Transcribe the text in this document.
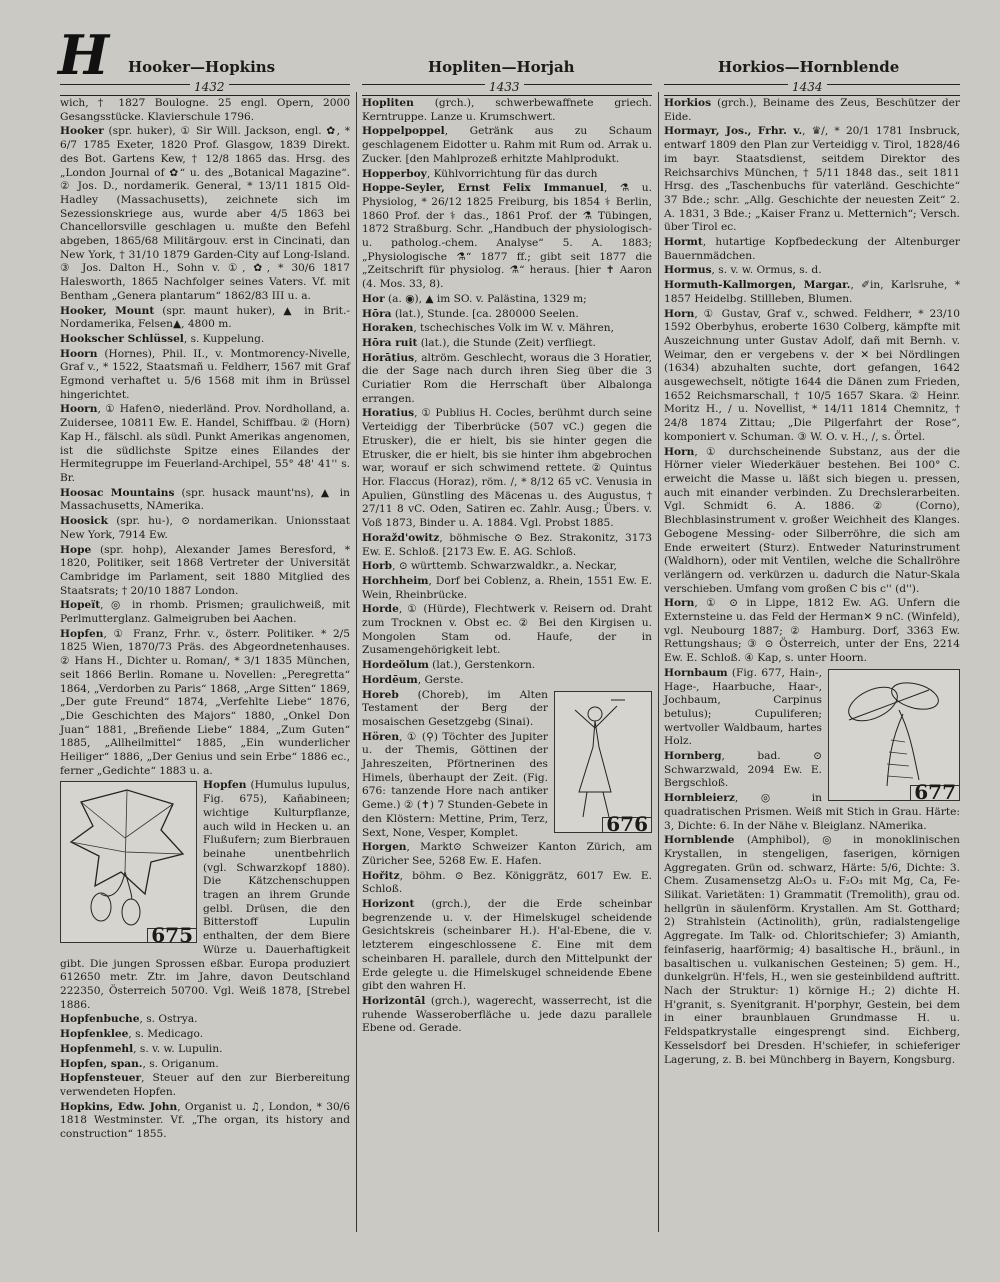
H Hooker—Hopkins	Hopliten—Horjah	Horkios—Hornblende
1432	1433	1434
wich, † 1827 Boulogne. 25 engl. Opern, 2000 Gesangsstücke. Klavierschule 1796.
Hooker (spr. huker), ① Sir Will. Jackson, engl. ✿, * 6/7 1785 Exeter, 1820 Prof. Glasgow, 1839 Direkt. des Bot. Gartens Kew, † 12/8 1865 das. Hrsg. des „London Journal of ✿“ u. des „Botanical Magazine“. ② Jos. D., nordamerik. General, * 13/11 1815 Old-Hadley (Massachusetts), zeichnete sich im Sezessionskriege aus, wurde aber 4/5 1863 bei Chancellorsville geschlagen u. mußte den Befehl abgeben, 1865/68 Militärgouv. erst in Cincinati, dan New York, † 31/10 1879 Garden-City auf Long-Island. ③ Jos. Dalton H., Sohn v. ①, ✿, * 30/6 1817 Halesworth, 1865 Nachfolger seines Vaters. Vf. mit Bentham „Genera plantarum“ 1862/83 III u. a.
Hooker, Mount (spr. maunt huker), ▲ in Brit.-Nordamerika, Felsen▲, 4800 m.
Hookscher Schlüssel, s. Kuppelung.
Hoorn (Hornes), Phil. II., v. Montmorency-Nivelle, Graf v., * 1522, Staatsmañ u. Feldherr, 1567 mit Graf Egmond verhaftet u. 5/6 1568 mit ihm in Brüssel hingerichtet.
Hoorn, ① Hafen⊙, niederländ. Prov. Nordholland, a. Zuidersee, 10811 Ew. E. Handel, Schiffbau. ② (Horn) Kap H., fälschl. als südl. Punkt Amerikas angenomen, ist die südlichste Spitze eines Eilandes der Hermitegruppe im Feuerland-Archipel, 55° 48' 41'' s. Br.
Hoosac Mountains (spr. husack maunt'ns), ▲ in Massachusetts, NAmerika.
Hoosick (spr. hu-), ⊙ nordamerikan. Unionsstaat New York, 7914 Ew.
Hope (spr. hohp), Alexander James Beresford, * 1820, Politiker, seit 1868 Vertreter der Universität Cambridge im Parlament, seit 1880 Mitglied des Staatsrats; † 20/10 1887 London.
Hopeït, ◎ in rhomb. Prismen; graulichweiß, mit Perlmutterglanz. Galmeigruben bei Aachen.
Hopfen, ① Franz, Frhr. v., österr. Politiker. * 2/5 1825 Wien, 1870/73 Präs. des Abgeordnetenhauses. ② Hans H., Dichter u. Roman/, * 3/1 1835 München, seit 1866 Berlin. Romane u. Novellen: „Peregretta“ 1864, „Verdorben zu Paris“ 1868, „Arge Sitten“ 1869, „Der gute Freund“ 1874, „Verfehlte Liebe“ 1876, „Die Geschichten des Majors“ 1880, „Onkel Don Juan“ 1881, „Breñende Liebe“ 1884, „Zum Guten“ 1885, „Allheilmittel“ 1885, „Ein wunderlicher Heiliger“ 1886, „Der Genius und sein Erbe“ 1886 ec., ferner „Gedichte“ 1883 u. a.
675
Hopfen (Humulus lupulus, Fig. 675), Kañabineen; wichtige Kulturpflanze, auch wild in Hecken u. an Flußufern; zum Bierbrauen beinahe unentbehrlich (vgl. Schwarzkopf 1880). Die Kätzchenschuppen tragen an ihrem Grunde gelbl. Drüsen, die den Bitterstoff Lupulin enthalten, der dem Biere Würze u. Dauerhaftigkeit gibt. Die jungen Sprossen eßbar. Europa produziert 612650 metr. Ztr. im Jahre, davon Deutschland 222350, Österreich 50700. Vgl. Weiß 1878, [Strebel 1886.
Hopfenbuche, s. Ostrya.
Hopfenklee, s. Medicago.
Hopfenmehl, s. v. w. Lupulin.
Hopfen, span., s. Origanum.
Hopfensteuer, Steuer auf den zur Bierbereitung verwendeten Hopfen.
Hopkins, Edw. John, Organist u. ♫, London, * 30/6 1818 Westminster. Vf. „The organ, its history and construction“ 1855.
Hopliten (grch.), schwerbewaffnete griech. Kerntruppe. Lanze u. Krumschwert.
Hoppelpoppel, Getränk aus zu Schaum geschlagenem Eidotter u. Rahm mit Rum od. Arrak u. Zucker. [den Mahlprozeß erhitzte Mahlprodukt.
Hopperboy, Kühlvorrichtung für das durch
Hoppe-Seyler, Ernst Felix Immanuel, ⚗ u. Physiolog, * 26/12 1825 Freiburg, bis 1854 ⚕ Berlin, 1860 Prof. der ⚕ das., 1861 Prof. der ⚗ Tübingen, 1872 Straßburg. Schr. „Handbuch der physiologisch- u. patholog.-chem. Analyse“ 5. A. 1883; „Physiologische ⚗“ 1877 ff.; gibt seit 1877 die „Zeitschrift für physiolog. ⚗“ heraus. [hier ✝ Aaron (4. Mos. 33, 8).
Hor (a. ◉), ▲ im SO. v. Palästina, 1329 m;
Hōra (lat.), Stunde. [ca. 280000 Seelen.
Horaken, tschechisches Volk im W. v. Mähren,
Hōra ruit (lat.), die Stunde (Zeit) verfliegt.
Horātius, altröm. Geschlecht, woraus die 3 Horatier, die der Sage nach durch ihren Sieg über die 3 Curiatier Rom die Herrschaft über Albalonga errangen.
Horatius, ① Publius H. Cocles, berühmt durch seine Verteidigg der Tiberbrücke (507 vC.) gegen die Etrusker), die er hielt, bis sie hinter gegen die Etrusker, die er hielt, bis sie hinter ihm abgebrochen war, worauf er sich schwimend rettete. ② Quintus Hor. Flaccus (Horaz), röm. /, * 8/12 65 vC. Venusia in Apulien, Günstling des Mäcenas u. des Augustus, † 27/11 8 vC. Oden, Satiren ec. Zahlr. Ausg.; Übers. v. Voß 1873, Binder u. A. 1884. Vgl. Probst 1885.
Horažd'owitz, böhmische ⊙ Bez. Strakonitz, 3173 Ew. E. Schloß. [2173 Ew. E. AG. Schloß.
Horb, ⊙ württemb. Schwarzwaldkr., a. Neckar,
Horchheim, Dorf bei Coblenz, a. Rhein, 1551 Ew. E. Wein, Rheinbrücke.
Horde, ① (Hürde), Flechtwerk v. Reisern od. Draht zum Trocknen v. Obst ec. ② Bei den Kirgisen u. Mongolen Stam od. Haufe, der in Zusamengehörigkeit lebt.
Hordeŏlum (lat.), Gerstenkorn.
Hordēum, Gerste.
676
Horeb (Choreb), im Alten Testament der Berg der mosaischen Gesetzgebg (Sinai).
Hören, ① (⚲) Töchter des Jupiter u. der Themis, Göttinen der Jahreszeiten, Pförtnerinen des Himels, überhaupt der Zeit. (Fig. 676: tanzende Hore nach antiker Geme.) ② (✝) 7 Stunden-Gebete in den Klöstern: Mettine, Prim, Terz, Sext, None, Vesper, Komplet.
Horgen, Markt⊙ Schweizer Kanton Zürich, am Züricher See, 5268 Ew. E. Hafen.
Hořitz, böhm. ⊙ Bez. Königgrätz, 6017 Ew. E. Schloß.
Horizont (grch.), der die Erde scheinbar begrenzende u. v. der Himelskugel scheidende Gesichtskreis (scheinbarer H.). H'al-Ebene, die v. letzterem eingeschlossene Ɛ. Eine mit dem scheinbaren H. parallele, durch den Mittelpunkt der Erde gelegte u. die Himelskugel schneidende Ebene gibt den wahren H.
Horizontāl (grch.), wagerecht, wasserrecht, ist die ruhende Wasseroberfläche u. jede dazu parallele Ebene od. Gerade.
Horkios (grch.), Beiname des Zeus, Beschützer der Eide.
Hormayr, Jos., Frhr. v., ♛/, * 20/1 1781 Insbruck, entwarf 1809 den Plan zur Verteidigg v. Tirol, 1828/46 im bayr. Staatsdienst, seitdem Direktor des Reichsarchivs München, † 5/11 1848 das., seit 1811 Hrsg. des „Taschenbuchs für vaterländ. Geschichte“ 37 Bde.; schr. „Allg. Geschichte der neuesten Zeit“ 2. A. 1831, 3 Bde.; „Kaiser Franz u. Metternich“; Versch. über Tirol ec.
Hormt, hutartige Kopfbedeckung der Altenburger Bauernmädchen.
Hormus, s. v. w. Ormus, s. d.
Hormuth-Kallmorgen, Margar., ✐in, Karlsruhe, * 1857 Heidelbg. Stillleben, Blumen.
Horn, ① Gustav, Graf v., schwed. Feldherr, * 23/10 1592 Oberbyhus, eroberte 1630 Colberg, kämpfte mit Auszeichnung unter Gustav Adolf, dañ mit Bernh. v. Weimar, den er vergebens v. der ✕ bei Nördlingen (1634) abzuhalten suchte, dort gefangen, 1642 ausgewechselt, nötigte 1644 die Dänen zum Frieden, 1652 Reichsmarschall, † 10/5 1657 Skara. ② Heinr. Moritz H., / u. Novellist, * 14/11 1814 Chemnitz, † 24/8 1874 Zittau; „Die Pilgerfahrt der Rose“, komponiert v. Schuman. ③ W. O. v. H., /, s. Örtel.
Horn, ① durchscheinende Substanz, aus der die Hörner vieler Wiederkäuer bestehen. Bei 100° C. erweicht die Masse u. läßt sich biegen u. pressen, auch mit einander verbinden. Zu Drechslerarbeiten. Vgl. Schmidt 6. A. 1886. ② (Corno), Blechblasinstrument v. großer Weichheit des Klanges. Gebogene Messing- oder Silberröhre, die sich am Ende erweitert (Sturz). Entweder Naturinstrument (Waldhorn), oder mit Ventilen, welche die Schallröhre verlängern od. verkürzen u. dadurch die Natur-Skala verschieben. Umfang vom großen C bis c'' (d'').
Horn, ① ⊙ in Lippe, 1812 Ew. AG. Unfern die Externsteine u. das Feld der Herman✕ 9 nC. (Winfeld), vgl. Neubourg 1887; ② Hamburg. Dorf, 3363 Ew. Rettungshaus; ③ ⊙ Österreich, unter der Ens, 2214 Ew. E. Schloß. ④ Kap, s. unter Hoorn.
677
Hornbaum (Fig. 677, Hain-, Hage-, Haarbuche, Haar-, Jochbaum, Carpinus betulus); Cupuliferen; wertvoller Waldbaum, hartes Holz.
Hornberg, bad. ⊙ Schwarzwald, 2094 Ew. E. Bergschloß.
Hornbleierz, ◎ in quadratischen Prismen. Weiß mit Stich in Grau. Härte: 3, Dichte: 6. In der Nähe v. Bleiglanz. NAmerika.
Hornblende (Amphibol), ◎ in monoklinischen Krystallen, in stengeligen, faserigen, körnigen Aggregaten. Grün od. schwarz, Härte: 5/6, Dichte: 3. Chem. Zusamensetzg Al₂O₃ u. F₂O₃ mit Mg, Ca, Fe-Silikat. Varietäten: 1) Grammatit (Tremolith), grau od. hellgrün in säulenförm. Krystallen. Am St. Gotthard; 2) Strahlstein (Actinolith), grün, radialstengelige Aggregate. Im Talk- od. Chloritschiefer; 3) Amianth, feinfaserig, haarförmig; 4) basaltische H., bräunl., in basaltischen u. vulkanischen Gesteinen; 5) gem. H., dunkelgrün. H'fels, H., wen sie gesteinbildend auftritt. Nach der Struktur: 1) körnige H.; 2) dichte H. H'granit, s. Syenitgranit. H'porphyr, Gestein, bei dem in einer braunblauen Grundmasse H. u. Feldspatkrystalle eingesprengt sind. Eichberg, Kesselsdorf bei Dresden. H'schiefer, in schieferiger Lagerung, z. B. bei Münchberg in Bayern, Kongsburg.
